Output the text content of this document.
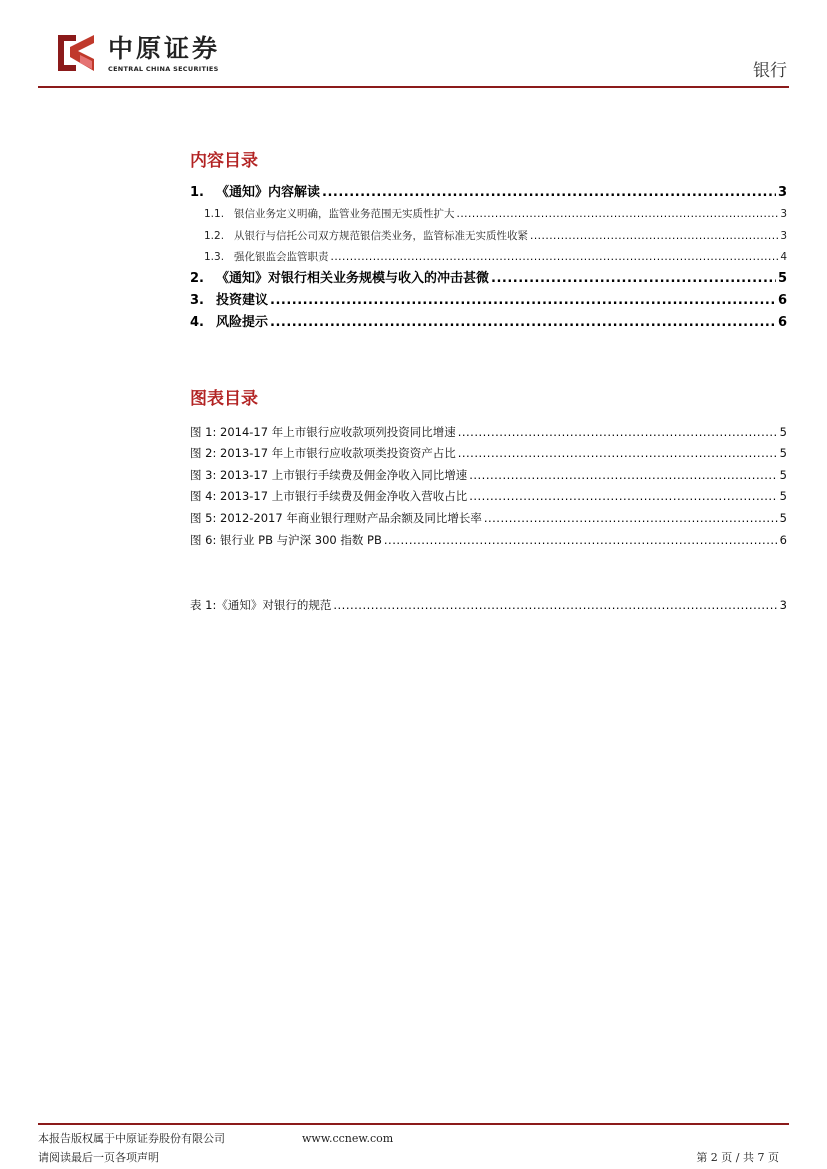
中原证券
CENTRAL CHINA SECURITIES	银行
内容目录
1. 《通知》内容解读 .....	3
1.1. 银信业务定义明确，监管业务范围无实质性扩大 .....	3
1.2. 从银行与信托公司双方规范银信类业务，监管标准无实质性收紧 .....	3
1.3. 强化银监会监管职责 .....	4
2. 《通知》对银行相关业务规模与收入的冲击甚微 .....	5
3. 投资建议 .....	6
4. 风险提示 .....	6
图表目录
图 1: 2014-17 年上市银行应收款项列投资同比增速 .....	5
图 2: 2013-17 年上市银行应收款项类投资资产占比 .....	5
图 3: 2013-17 上市银行手续费及佣金净收入同比增速 .....	5
图 4: 2013-17 上市银行手续费及佣金净收入营收占比 .....	5
图 5: 2012-2017 年商业银行理财产品余额及同比增长率 .....	5
图 6: 银行业 PB 与沪深 300 指数 PB .....	6
表 1:《通知》对银行的规范 .....	3
本报告版权属于中原证券股份有限公司	www.ccnew.com
请阅读最后一页各项声明	第 2 页 / 共 7 页
